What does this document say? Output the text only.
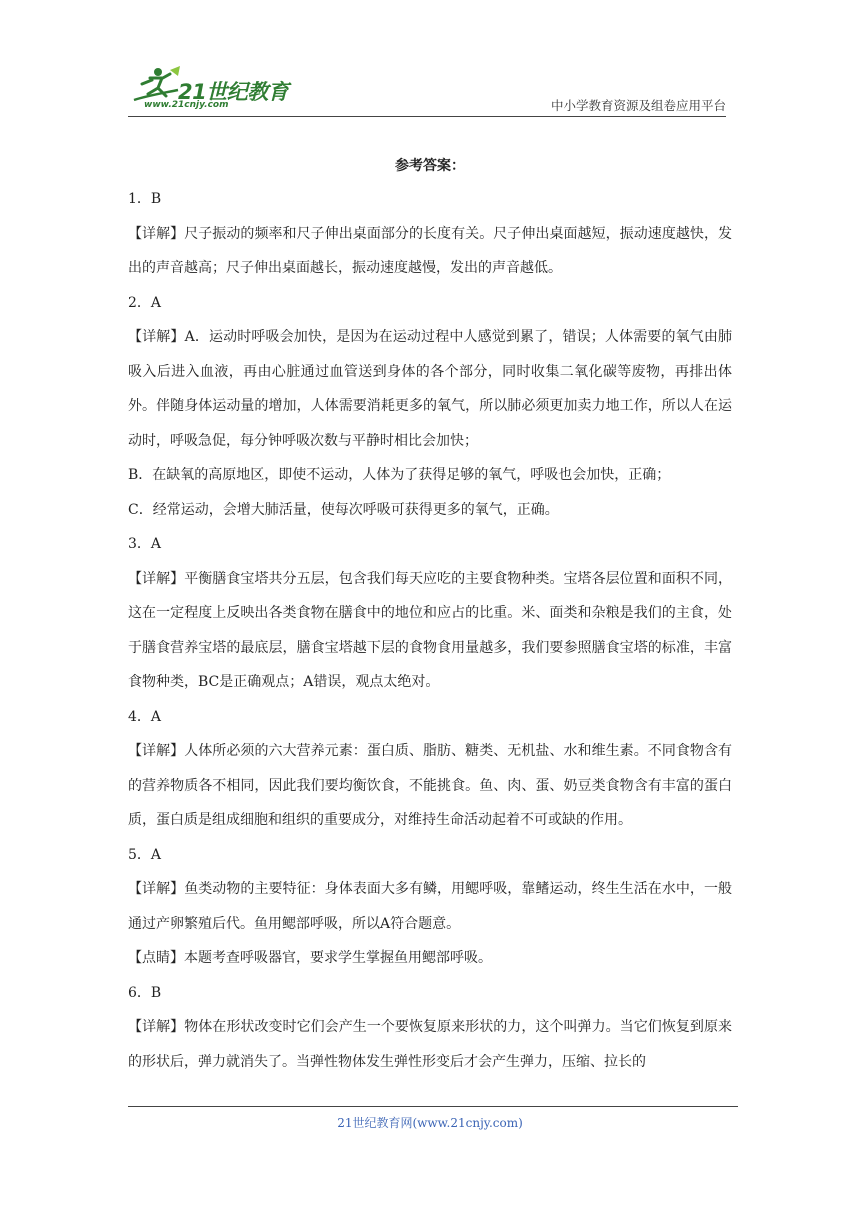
21世纪教育
www.21cnjy.com	中小学教育资源及组卷应用平台
参考答案：
1．B
【详解】尺子振动的频率和尺子伸出桌面部分的长度有关。尺子伸出桌面越短，振动速度越快，发出的声音越高；尺子伸出桌面越长，振动速度越慢，发出的声音越低。
2．A
【详解】A．运动时呼吸会加快，是因为在运动过程中人感觉到累了，错误；人体需要的氧气由肺吸入后进入血液，再由心脏通过血管送到身体的各个部分，同时收集二氧化碳等废物，再排出体外。伴随身体运动量的增加，人体需要消耗更多的氧气，所以肺必须更加卖力地工作，所以人在运动时，呼吸急促，每分钟呼吸次数与平静时相比会加快；
B．在缺氧的高原地区，即使不运动，人体为了获得足够的氧气，呼吸也会加快，正确；
C．经常运动，会增大肺活量，使每次呼吸可获得更多的氧气，正确。
3．A
【详解】平衡膳食宝塔共分五层，包含我们每天应吃的主要食物种类。宝塔各层位置和面积不同，这在一定程度上反映出各类食物在膳食中的地位和应占的比重。米、面类和杂粮是我们的主食，处于膳食营养宝塔的最底层，膳食宝塔越下层的食物食用量越多，我们要参照膳食宝塔的标准，丰富食物种类，BC是正确观点；A错误，观点太绝对。
4．A
【详解】人体所必须的六大营养元素：蛋白质、脂肪、糖类、无机盐、水和维生素。不同食物含有的营养物质各不相同，因此我们要均衡饮食，不能挑食。鱼、肉、蛋、奶豆类食物含有丰富的蛋白质，蛋白质是组成细胞和组织的重要成分，对维持生命活动起着不可或缺的作用。
5．A
【详解】鱼类动物的主要特征：身体表面大多有鳞，用鳃呼吸，靠鳍运动，终生生活在水中，一般通过产卵繁殖后代。鱼用鳃部呼吸，所以A符合题意。
【点睛】本题考查呼吸器官，要求学生掌握鱼用鳃部呼吸。
6．B
【详解】物体在形状改变时它们会产生一个要恢复原来形状的力，这个叫弹力。当它们恢复到原来的形状后，弹力就消失了。当弹性物体发生弹性形变后才会产生弹力，压缩、拉长的
21世纪教育网(www.21cnjy.com)
